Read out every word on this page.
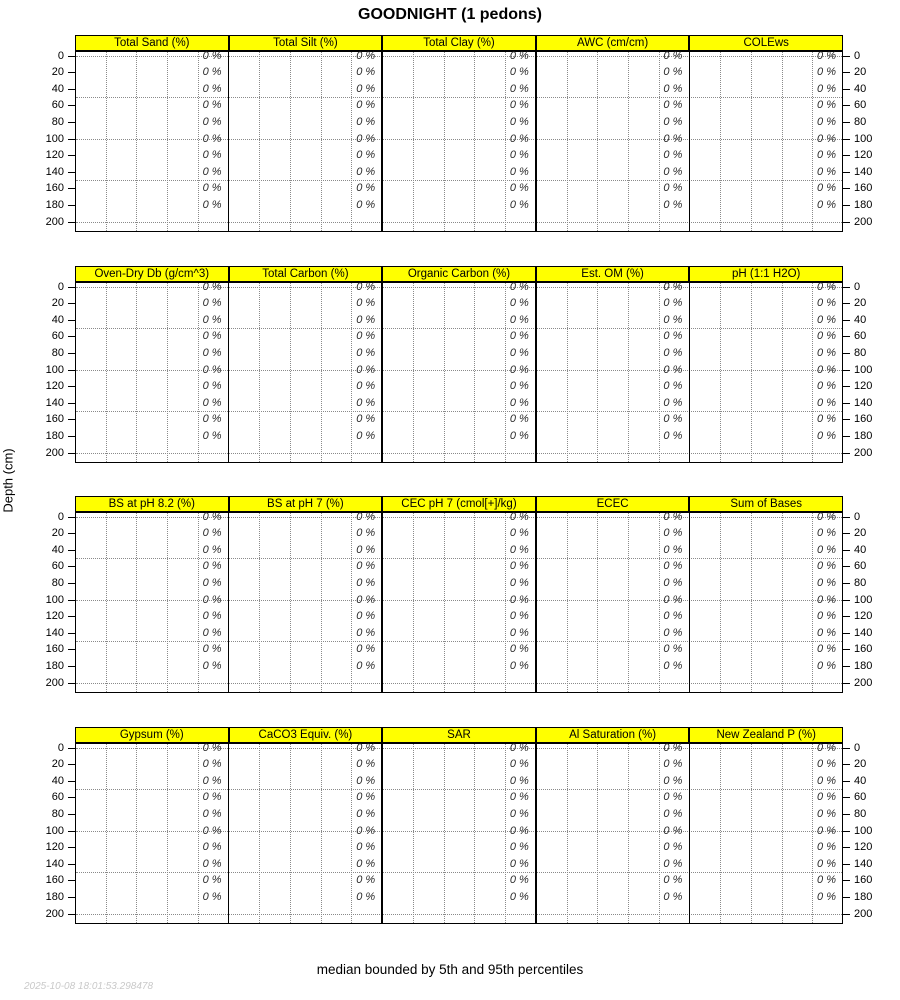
GOODNIGHT (1 pedons)
Depth (cm)
Total Sand (%)	Total Silt (%)	Total Clay (%)	AWC (cm/cm)	COLEws
0 %
0 %
0 %
0 %
0 %
0 %
0 %
0 %
0 %
0 %
0 %
0 %
0 %
0 %
0 %
0 %
0 %
0 %
0 %
0 %
0 %
0 %
0 %
0 %
0 %
0 %
0 %
0 %
0 %
0 %
0 %
0 %
0 %
0 %
0 %
0 %
0 %
0 %
0 %
0 %
0 %
0 %
0 %
0 %
0 %
0 %
0 %
0 %
0 %
0 %
0	0
20	20
40	40
60	60
80	80
100	100
120	120
140	140
160	160
180	180
200	200
Oven-Dry Db (g/cm^3)	Total Carbon (%)	Organic Carbon (%)	Est. OM (%)	pH (1:1 H2O)
0 %
0 %
0 %
0 %
0 %
0 %
0 %
0 %
0 %
0 %
0 %
0 %
0 %
0 %
0 %
0 %
0 %
0 %
0 %
0 %
0 %
0 %
0 %
0 %
0 %
0 %
0 %
0 %
0 %
0 %
0 %
0 %
0 %
0 %
0 %
0 %
0 %
0 %
0 %
0 %
0 %
0 %
0 %
0 %
0 %
0 %
0 %
0 %
0 %
0 %
0	0
20	20
40	40
60	60
80	80
100	100
120	120
140	140
160	160
180	180
200	200
BS at pH 8.2 (%)	BS at pH 7 (%)	CEC pH 7 (cmol[+]/kg)	ECEC	Sum of Bases
0 %
0 %
0 %
0 %
0 %
0 %
0 %
0 %
0 %
0 %
0 %
0 %
0 %
0 %
0 %
0 %
0 %
0 %
0 %
0 %
0 %
0 %
0 %
0 %
0 %
0 %
0 %
0 %
0 %
0 %
0 %
0 %
0 %
0 %
0 %
0 %
0 %
0 %
0 %
0 %
0 %
0 %
0 %
0 %
0 %
0 %
0 %
0 %
0 %
0 %
0	0
20	20
40	40
60	60
80	80
100	100
120	120
140	140
160	160
180	180
200	200
Gypsum (%)	CaCO3 Equiv. (%)	SAR	Al Saturation (%)	New Zealand P (%)
0 %
0 %
0 %
0 %
0 %
0 %
0 %
0 %
0 %
0 %
0 %
0 %
0 %
0 %
0 %
0 %
0 %
0 %
0 %
0 %
0 %
0 %
0 %
0 %
0 %
0 %
0 %
0 %
0 %
0 %
0 %
0 %
0 %
0 %
0 %
0 %
0 %
0 %
0 %
0 %
0 %
0 %
0 %
0 %
0 %
0 %
0 %
0 %
0 %
0 %
0	0
20	20
40	40
60	60
80	80
100	100
120	120
140	140
160	160
180	180
200	200
median bounded by 5th and 95th percentiles
2025-10-08 18:01:53.298478
